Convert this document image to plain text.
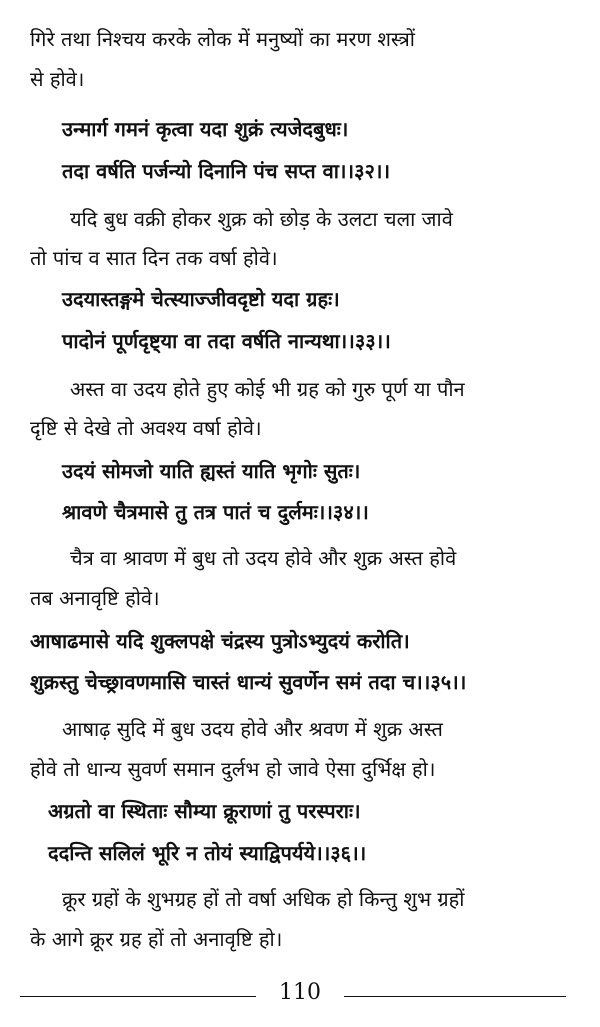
गिरे तथा निश्चय करके लोक में मनुष्यों का मरण शस्त्रों
से होवे।
उन्मार्ग गमनं कृत्वा यदा शुक्रं त्यजेदबुधः।
तदा वर्षति पर्जन्यो दिनानि पंच सप्त वा।।३२।।
यदि बुध वक्री होकर शुक्र को छोड़ के उलटा चला जावे
तो पांच व सात दिन तक वर्षा होवे।
उदयास्तङ्गमे चेत्स्याज्जीवदृष्टो यदा ग्रहः।
पादोनं पूर्णदृष्ट्या वा तदा वर्षति नान्यथा।।३३।।
अस्त वा उदय होते हुए कोई भी ग्रह को गुरु पूर्ण या पौन
दृष्टि से देखे तो अवश्य वर्षा होवे।
उदयं सोमजो याति ह्यस्तं याति भृगोः सुतः।
श्रावणे चैत्रमासे तु तत्र पातं च दुर्लमः।।३४।।
चैत्र वा श्रावण में बुध तो उदय होवे और शुक्र अस्त होवे
तब अनावृष्टि होवे।
आषाढमासे यदि शुक्लपक्षे चंद्रस्य पुत्रोऽभ्युदयं करोति।
शुक्रस्तु चेच्छ्रावणमासि चास्तं धान्यं सुवर्णेन समं तदा च।।३५।।
आषाढ़ सुदि में बुध उदय होवे और श्रवण में शुक्र अस्त
होवे तो धान्य सुवर्ण समान दुर्लभ हो जावे ऐसा दुर्भिक्ष हो।
अग्रतो वा स्थिताः सौम्या क्रूराणां तु परस्पराः।
ददन्ति सलिलं भूरि न तोयं स्याद्विपर्यये।।३६।।
क्रूर ग्रहों के शुभग्रह हों तो वर्षा अधिक हो किन्तु शुभ ग्रहों
के आगे क्रूर ग्रह हों तो अनावृष्टि हो।
110
